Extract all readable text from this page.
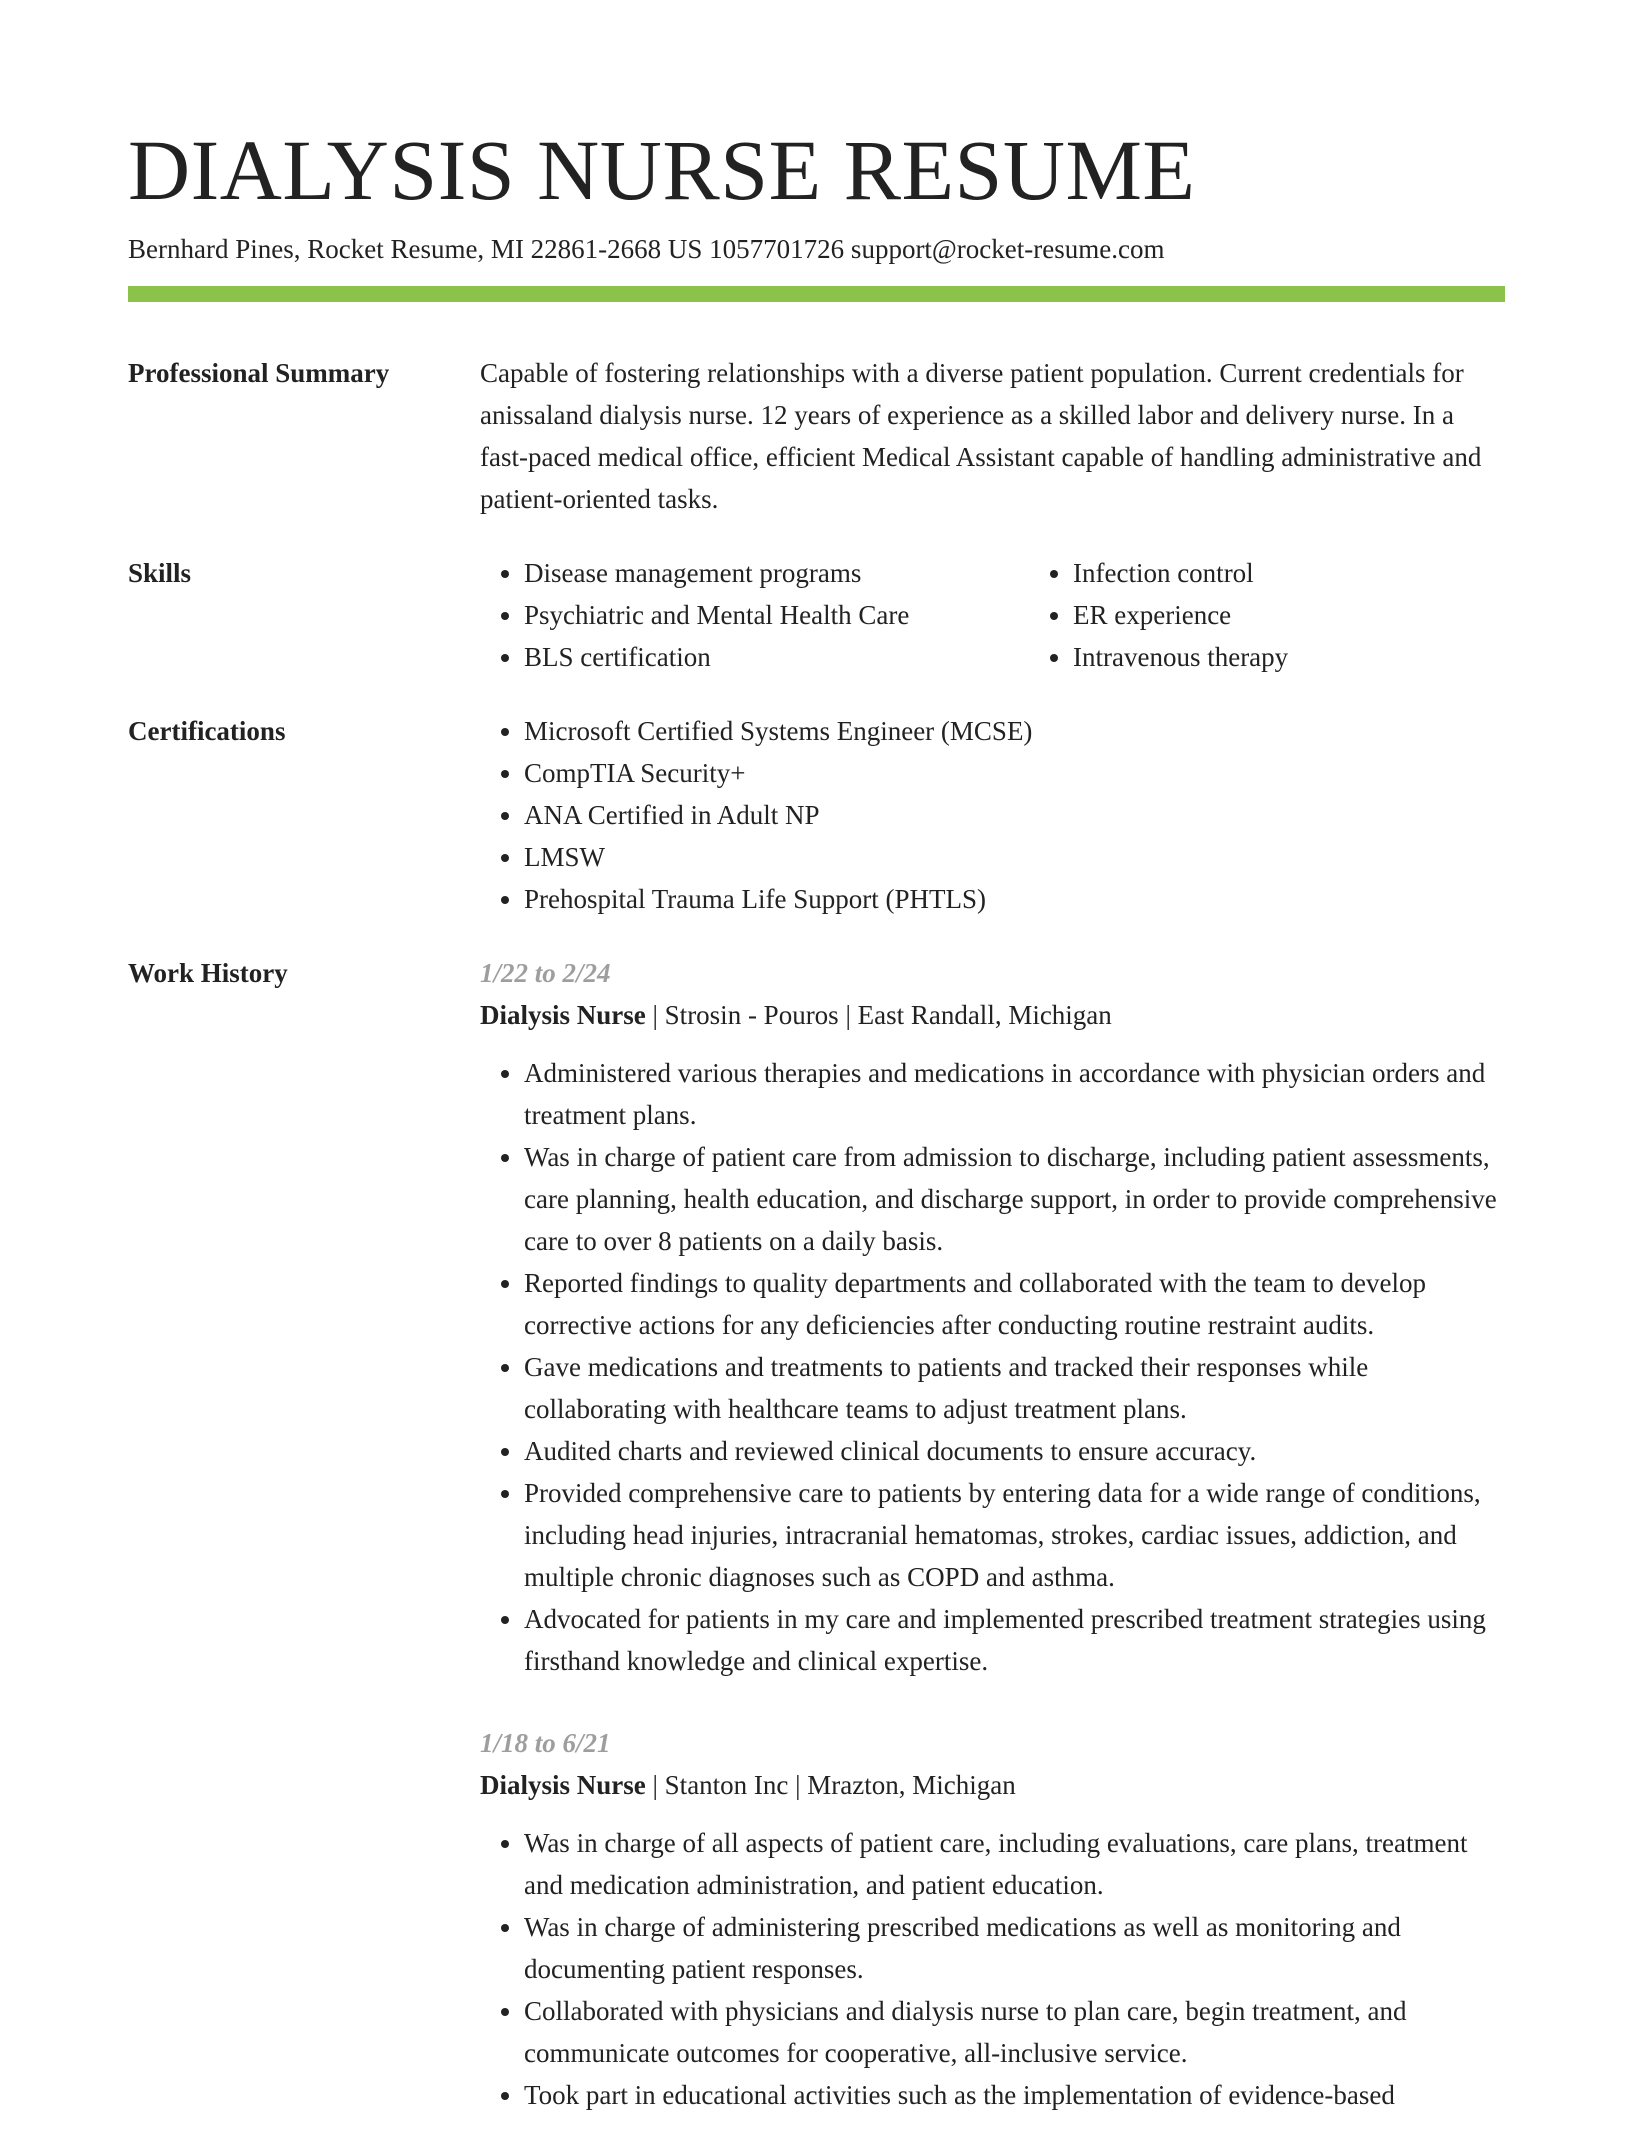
DIALYSIS NURSE RESUME
Bernhard Pines, Rocket Resume, MI 22861-2668 US 1057701726 support@rocket-resume.com
Professional Summary	Capable of fostering relationships with a diverse patient population. Current credentials for anissaland dialysis nurse. 12 years of experience as a skilled labor and delivery nurse. In a fast-paced medical office, efficient Medical Assistant capable of handling administrative and patient-oriented tasks.

Skills	• Disease management programs
• Psychiatric and Mental Health Care
• BLS certification
• Infection control
• ER experience
• Intravenous therapy
Certifications	• Microsoft Certified Systems Engineer (MCSE)
• CompTIA Security+
• ANA Certified in Adult NP
• LMSW
• Prehospital Trauma Life Support (PHTLS)
Work History	1/22 to 2/24
Dialysis Nurse | Strosin - Pouros | East Randall, Michigan
• Administered various therapies and medications in accordance with physician orders and treatment plans.
• Was in charge of patient care from admission to discharge, including patient assessments, care planning, health education, and discharge support, in order to provide comprehensive care to over 8 patients on a daily basis.
• Reported findings to quality departments and collaborated with the team to develop corrective actions for any deficiencies after conducting routine restraint audits.
• Gave medications and treatments to patients and tracked their responses while collaborating with healthcare teams to adjust treatment plans.
• Audited charts and reviewed clinical documents to ensure accuracy.
• Provided comprehensive care to patients by entering data for a wide range of conditions, including head injuries, intracranial hematomas, strokes, cardiac issues, addiction, and multiple chronic diagnoses such as COPD and asthma.
• Advocated for patients in my care and implemented prescribed treatment strategies using firsthand knowledge and clinical expertise.
1/18 to 6/21
Dialysis Nurse | Stanton Inc | Mrazton, Michigan
• Was in charge of all aspects of patient care, including evaluations, care plans, treatment and medication administration, and patient education.
• Was in charge of administering prescribed medications as well as monitoring and documenting patient responses.
• Collaborated with physicians and dialysis nurse to plan care, begin treatment, and communicate outcomes for cooperative, all-inclusive service.
• Took part in educational activities such as the implementation of evidence-based
